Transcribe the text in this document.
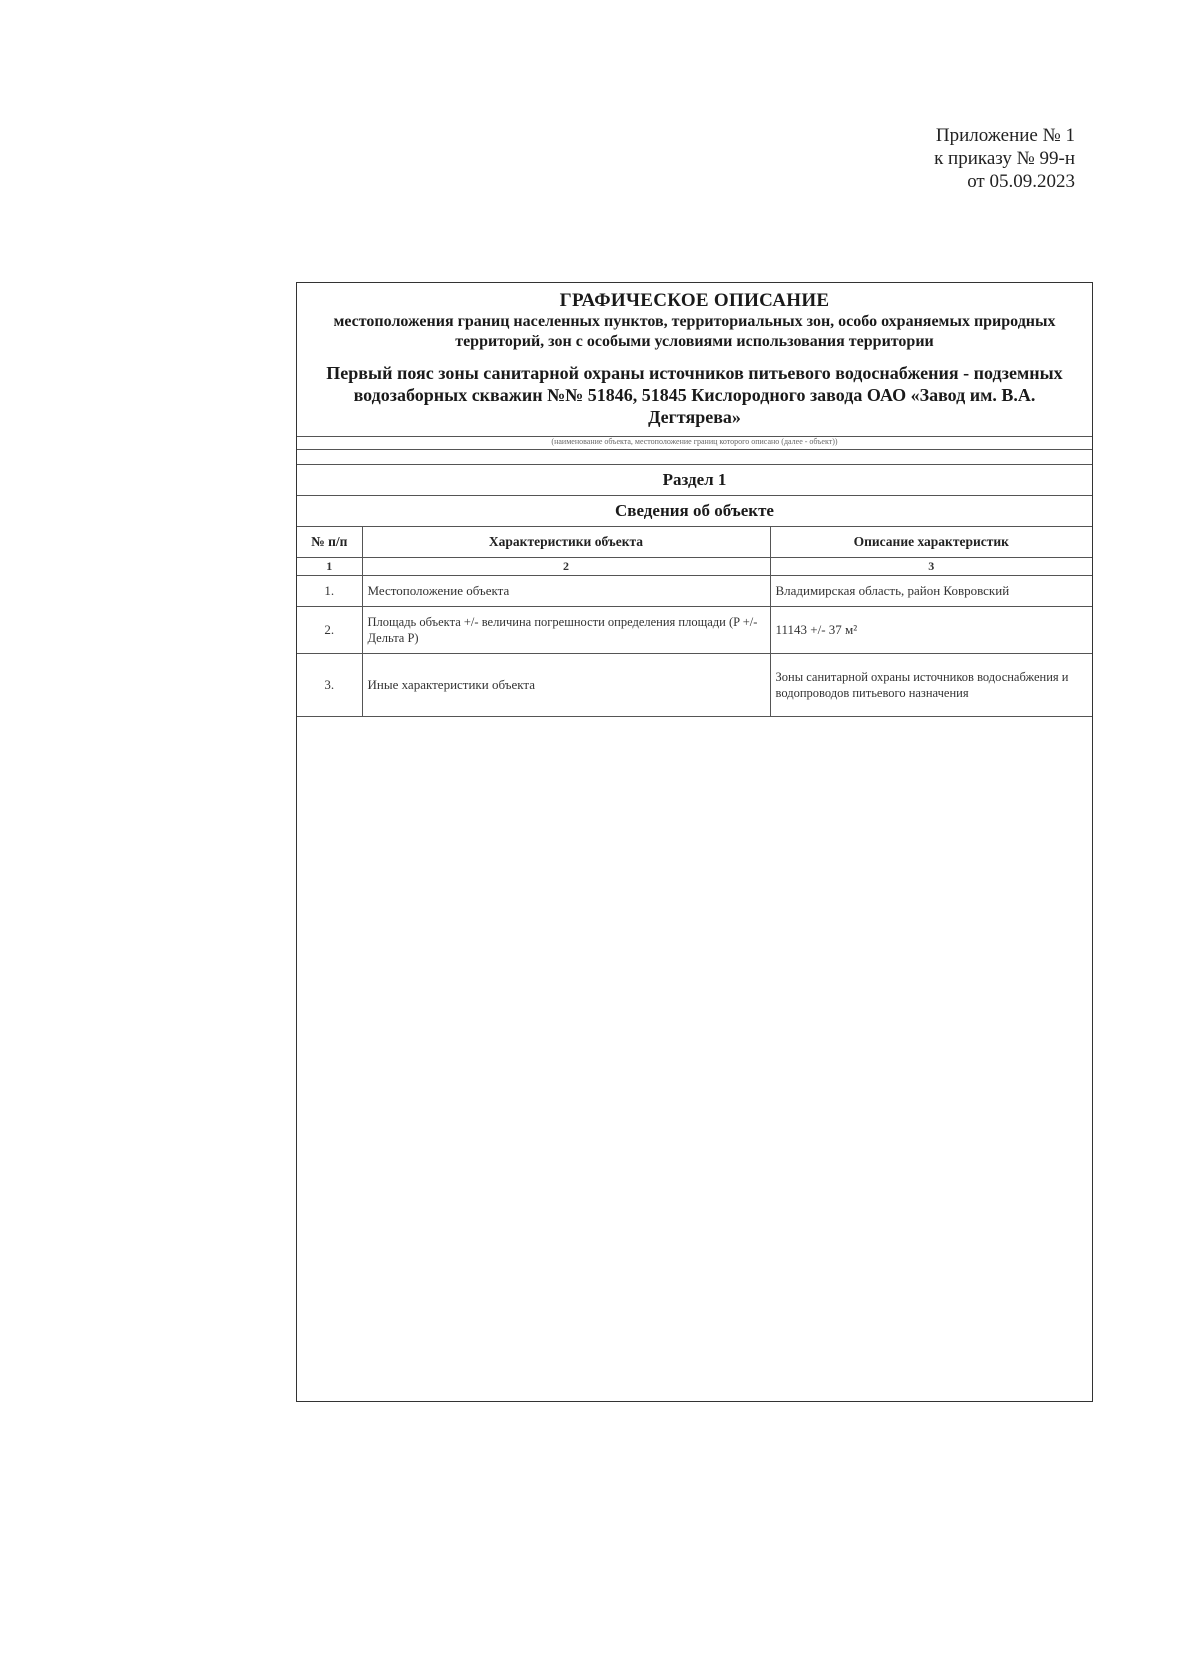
Приложение № 1
к приказу № 99-н
от 05.09.2023
ГРАФИЧЕСКОЕ ОПИСАНИЕ
местоположения границ населенных пунктов, территориальных зон, особо охраняемых природных территорий, зон с особыми условиями использования территории
Первый пояс зоны санитарной охраны источников питьевого водоснабжения - подземных водозаборных скважин №№ 51846, 51845 Кислородного завода ОАО «Завод им. В.А. Дегтярева»
(наименование объекта, местоположение границ которого описано (далее - объект))
Раздел 1
Сведения об объекте
№ п/п	Характеристики объекта	Описание характеристик
1	2	3
1.	Местоположение объекта	Владимирская область, район Ковровский
2.	Площадь объекта +/- величина погрешности определения площади (P +/- Дельта P)	11143 +/- 37 м²
3.	Иные характеристики объекта	Зоны санитарной охраны источников водоснабжения и водопроводов питьевого назначения
